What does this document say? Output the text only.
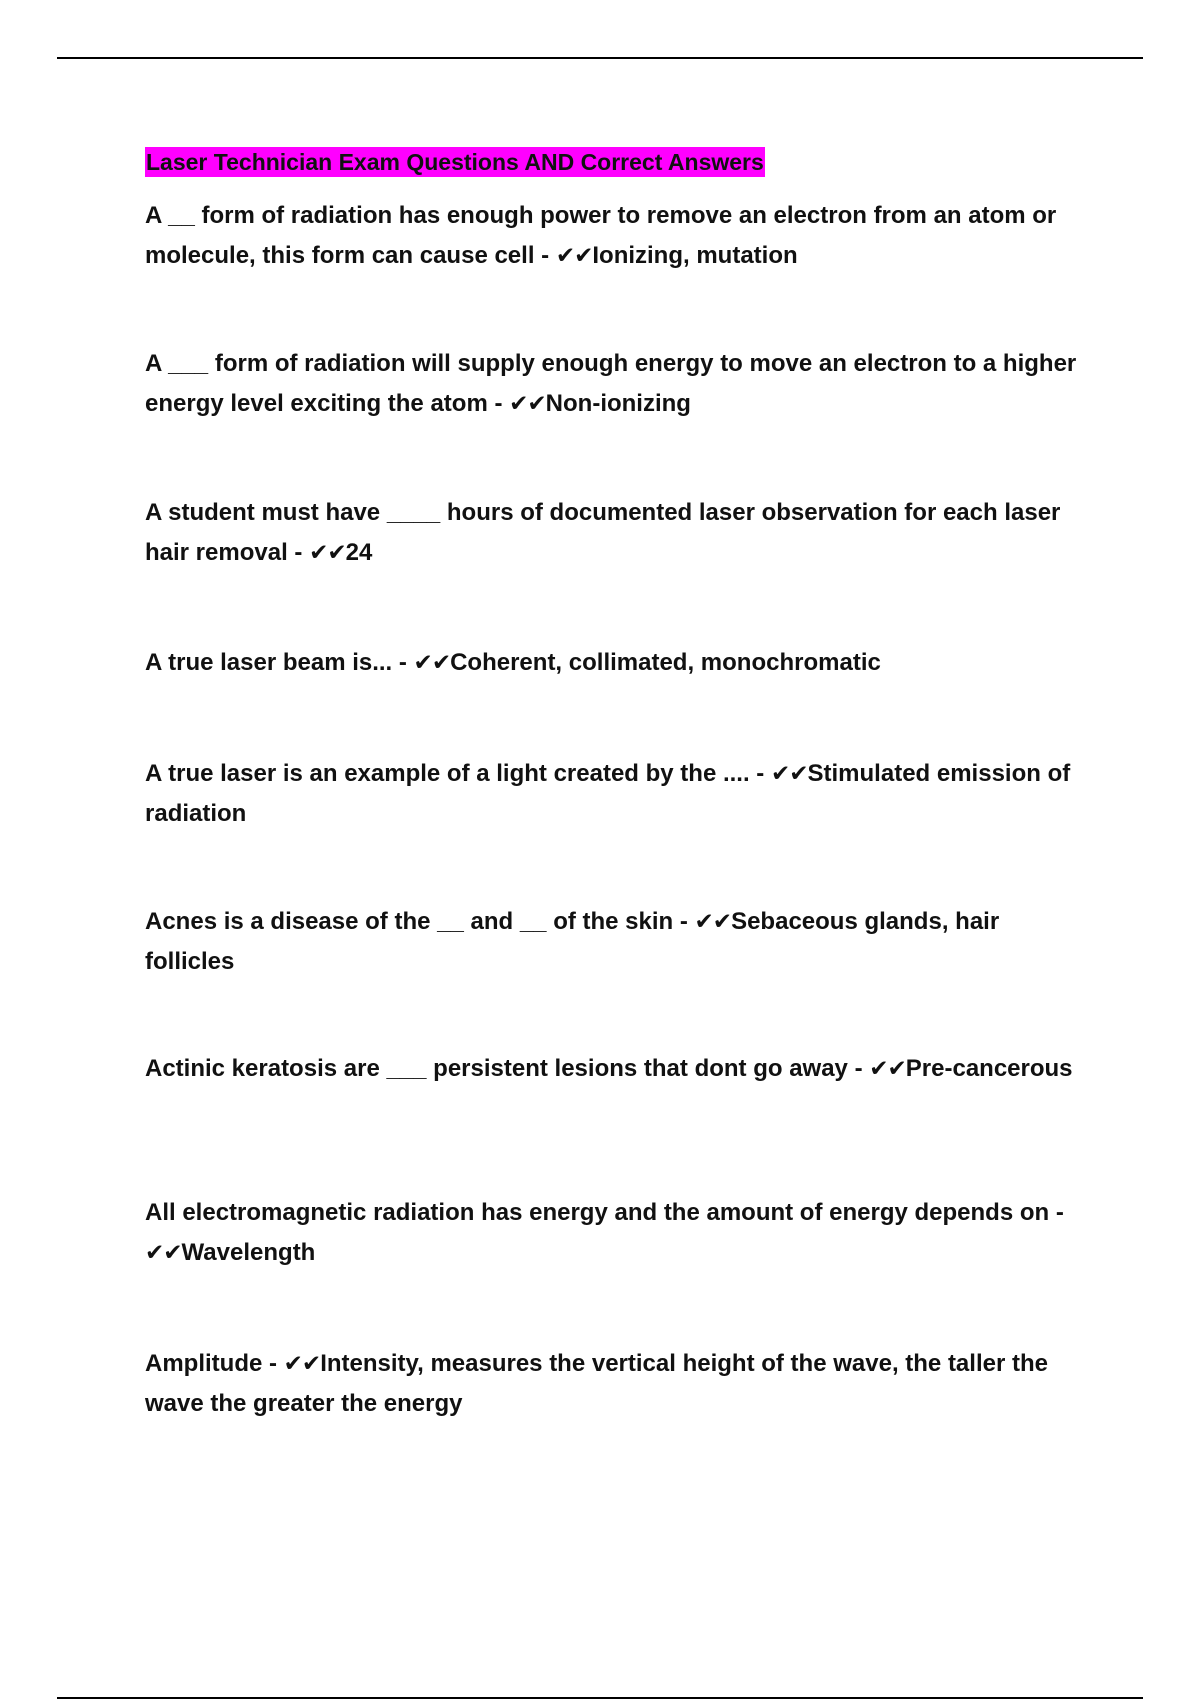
Laser Technician Exam Questions AND Correct Answers
A __ form of radiation has enough power to remove an electron from an atom or molecule, this form can cause cell - ✔✔Ionizing, mutation
A ___ form of radiation will supply enough energy to move an electron to a higher energy level exciting the atom - ✔✔Non-ionizing
A student must have ____ hours of documented laser observation for each laser hair removal - ✔✔24
A true laser beam is... - ✔✔Coherent, collimated, monochromatic
A true laser is an example of a light created by the .... - ✔✔Stimulated emission of radiation
Acnes is a disease of the __ and __ of the skin - ✔✔Sebaceous glands, hair follicles
Actinic keratosis are ___ persistent lesions that dont go away - ✔✔Pre-cancerous
All electromagnetic radiation has energy and the amount of energy depends on - ✔✔Wavelength
Amplitude - ✔✔Intensity, measures the vertical height of the wave, the taller the wave the greater the energy
